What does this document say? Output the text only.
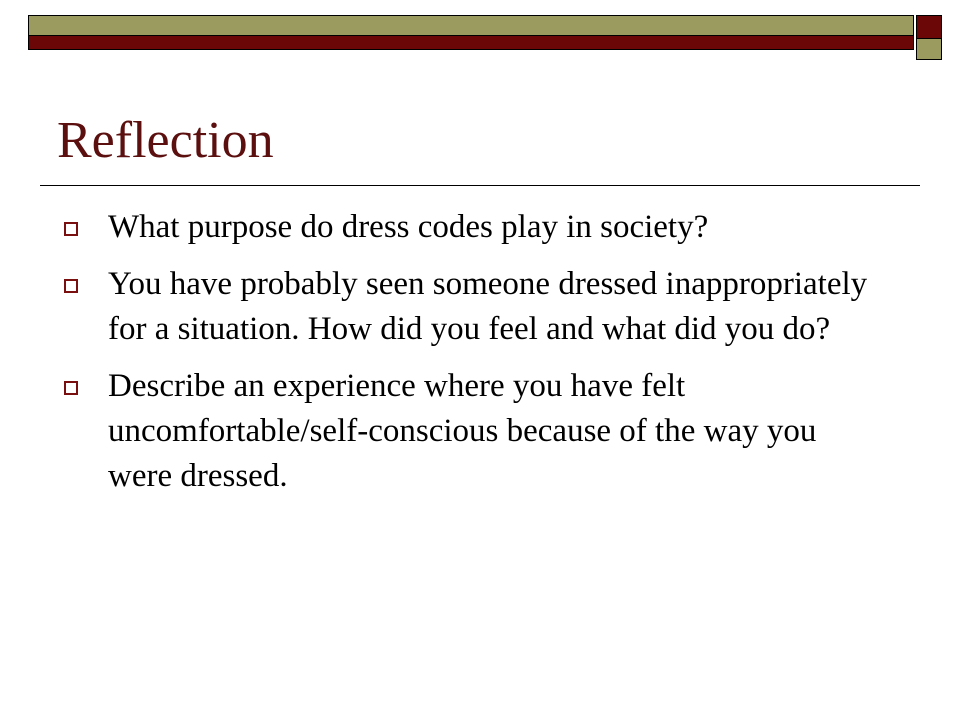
Reflection
What purpose do dress codes play in society?
You have probably seen someone dressed inappropriately for a situation. How did you feel and what did you do?
Describe an experience where you have felt uncomfortable/self-conscious because of the way you were dressed.
